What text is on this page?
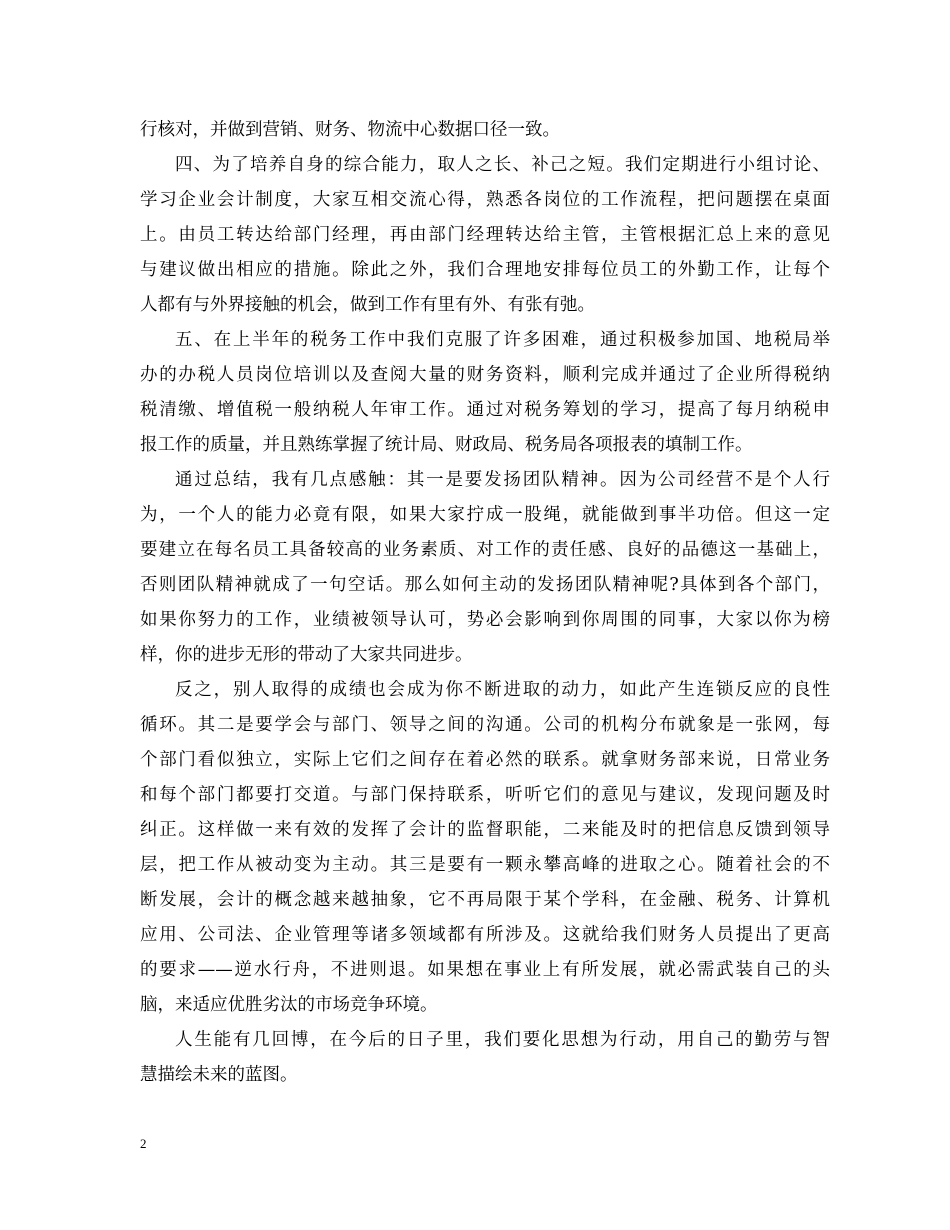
行核对，并做到营销、财务、物流中心数据口径一致。
四、为了培养自身的综合能力，取人之长、补己之短。我们定期进行小组讨论、
学习企业会计制度，大家互相交流心得，熟悉各岗位的工作流程，把问题摆在桌面
上。由员工转达给部门经理，再由部门经理转达给主管，主管根据汇总上来的意见
与建议做出相应的措施。除此之外，我们合理地安排每位员工的外勤工作，让每个
人都有与外界接触的机会，做到工作有里有外、有张有弛。
五、在上半年的税务工作中我们克服了许多困难，通过积极参加国、地税局举
办的办税人员岗位培训以及查阅大量的财务资料，顺利完成并通过了企业所得税纳
税清缴、增值税一般纳税人年审工作。通过对税务筹划的学习，提高了每月纳税申
报工作的质量，并且熟练掌握了统计局、财政局、税务局各项报表的填制工作。
通过总结，我有几点感触：其一是要发扬团队精神。因为公司经营不是个人行
为，一个人的能力必竟有限，如果大家拧成一股绳，就能做到事半功倍。但这一定
要建立在每名员工具备较高的业务素质、对工作的责任感、良好的品德这一基础上，
否则团队精神就成了一句空话。那么如何主动的发扬团队精神呢?具体到各个部门，
如果你努力的工作，业绩被领导认可，势必会影响到你周围的同事，大家以你为榜
样，你的进步无形的带动了大家共同进步。
反之，别人取得的成绩也会成为你不断进取的动力，如此产生连锁反应的良性
循环。其二是要学会与部门、领导之间的沟通。公司的机构分布就象是一张网，每
个部门看似独立，实际上它们之间存在着必然的联系。就拿财务部来说，日常业务
和每个部门都要打交道。与部门保持联系，听听它们的意见与建议，发现问题及时
纠正。这样做一来有效的发挥了会计的监督职能，二来能及时的把信息反馈到领导
层，把工作从被动变为主动。其三是要有一颗永攀高峰的进取之心。随着社会的不
断发展，会计的概念越来越抽象，它不再局限于某个学科，在金融、税务、计算机
应用、公司法、企业管理等诸多领域都有所涉及。这就给我们财务人员提出了更高
的要求——逆水行舟，不进则退。如果想在事业上有所发展，就必需武装自己的头
脑，来适应优胜劣汰的市场竞争环境。
人生能有几回博，在今后的日子里，我们要化思想为行动，用自己的勤劳与智
慧描绘未来的蓝图。
2
